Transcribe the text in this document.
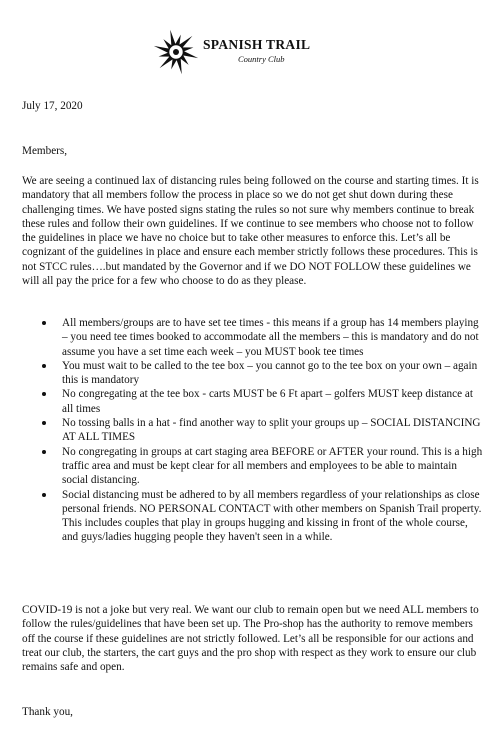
SPANISH TRAIL
Country Club
July 17, 2020
Members,
We are seeing a continued lax of distancing rules being followed on the course and starting times. It is mandatory that all members follow the process in place so we do not get shut down during these challenging times. We have posted signs stating the rules so not sure why members continue to break these rules and follow their own guidelines. If we continue to see members who choose not to follow the guidelines in place we have no choice but to take other measures to enforce this. Let’s all be cognizant of the guidelines in place and ensure each member strictly follows these procedures. This is not STCC rules….but mandated by the Governor and if we DO NOT FOLLOW these guidelines we will all pay the price for a few who choose to do as they please.
All members/groups are to have set tee times - this means if a group has 14 members playing – you need tee times booked to accommodate all the members – this is mandatory and do not assume you have a set time each week – you MUST book tee times
You must wait to be called to the tee box – you cannot go to the tee box on your own – again this is mandatory
No congregating at the tee box - carts MUST be 6 Ft apart – golfers MUST keep distance at all times
No tossing balls in a hat - find another way to split your groups up – SOCIAL DISTANCING AT ALL TIMES
No congregating in groups at cart staging area BEFORE or AFTER your round. This is a high traffic area and must be kept clear for all members and employees to be able to maintain social distancing.
Social distancing must be adhered to by all members regardless of your relationships as close personal friends. NO PERSONAL CONTACT with other members on Spanish Trail property. This includes couples that play in groups hugging and kissing in front of the whole course, and guys/ladies hugging people they haven't seen in a while.
COVID-19 is not a joke but very real. We want our club to remain open but we need ALL members to follow the rules/guidelines that have been set up. The Pro-shop has the authority to remove members off the course if these guidelines are not strictly followed. Let’s all be responsible for our actions and treat our club, the starters, the cart guys and the pro shop with respect as they work to ensure our club remains safe and open.
Thank you,
